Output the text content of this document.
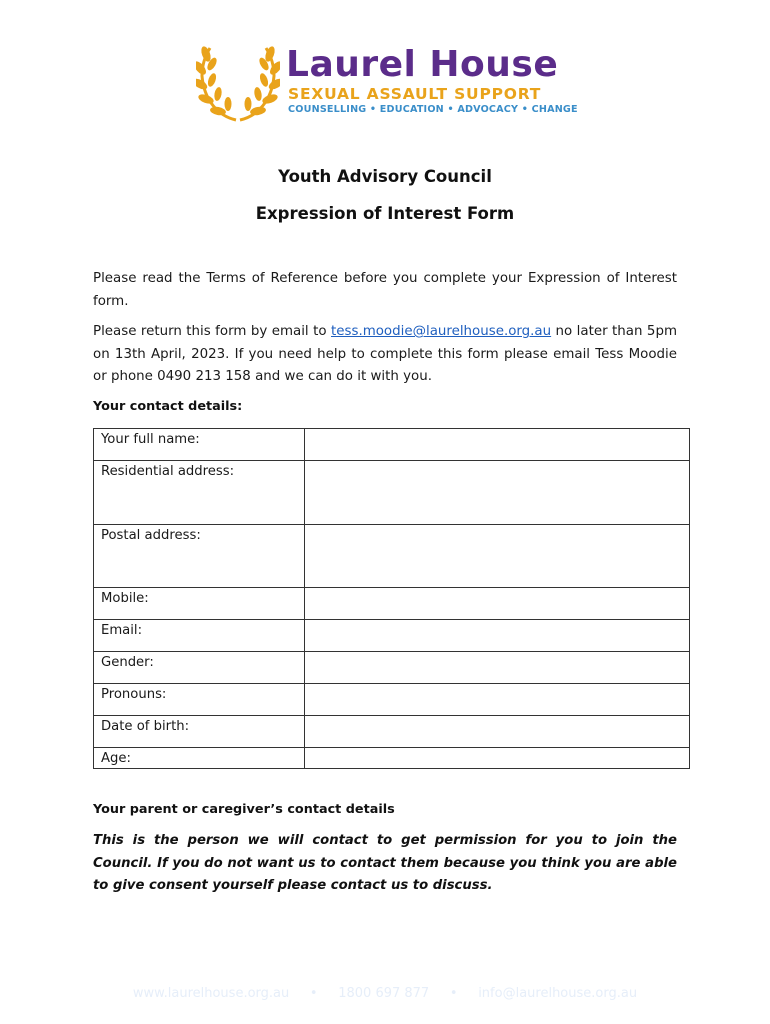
Laurel House
SEXUAL ASSAULT SUPPORT
COUNSELLING • EDUCATION • ADVOCACY • CHANGE
Youth Advisory Council
Expression of Interest Form
Please read the Terms of Reference before you complete your Expression of Interest form.
Please return this form by email to tess.moodie@laurelhouse.org.au no later than 5pm on 13th April, 2023. If you need help to complete this form please email Tess Moodie or phone 0490 213 158 and we can do it with you.
Your contact details:
Your full name:	
Residential address:	
Postal address:	
Mobile:	
Email:	
Gender:	
Pronouns:	
Date of birth:	
Age:	
Your parent or caregiver’s contact details
This is the person we will contact to get permission for you to join the Council. If you do not want us to contact them because you think you are able to give consent yourself please contact us to discuss.
www.laurelhouse.org.au     •     1800 697 877     •     info@laurelhouse.org.au
